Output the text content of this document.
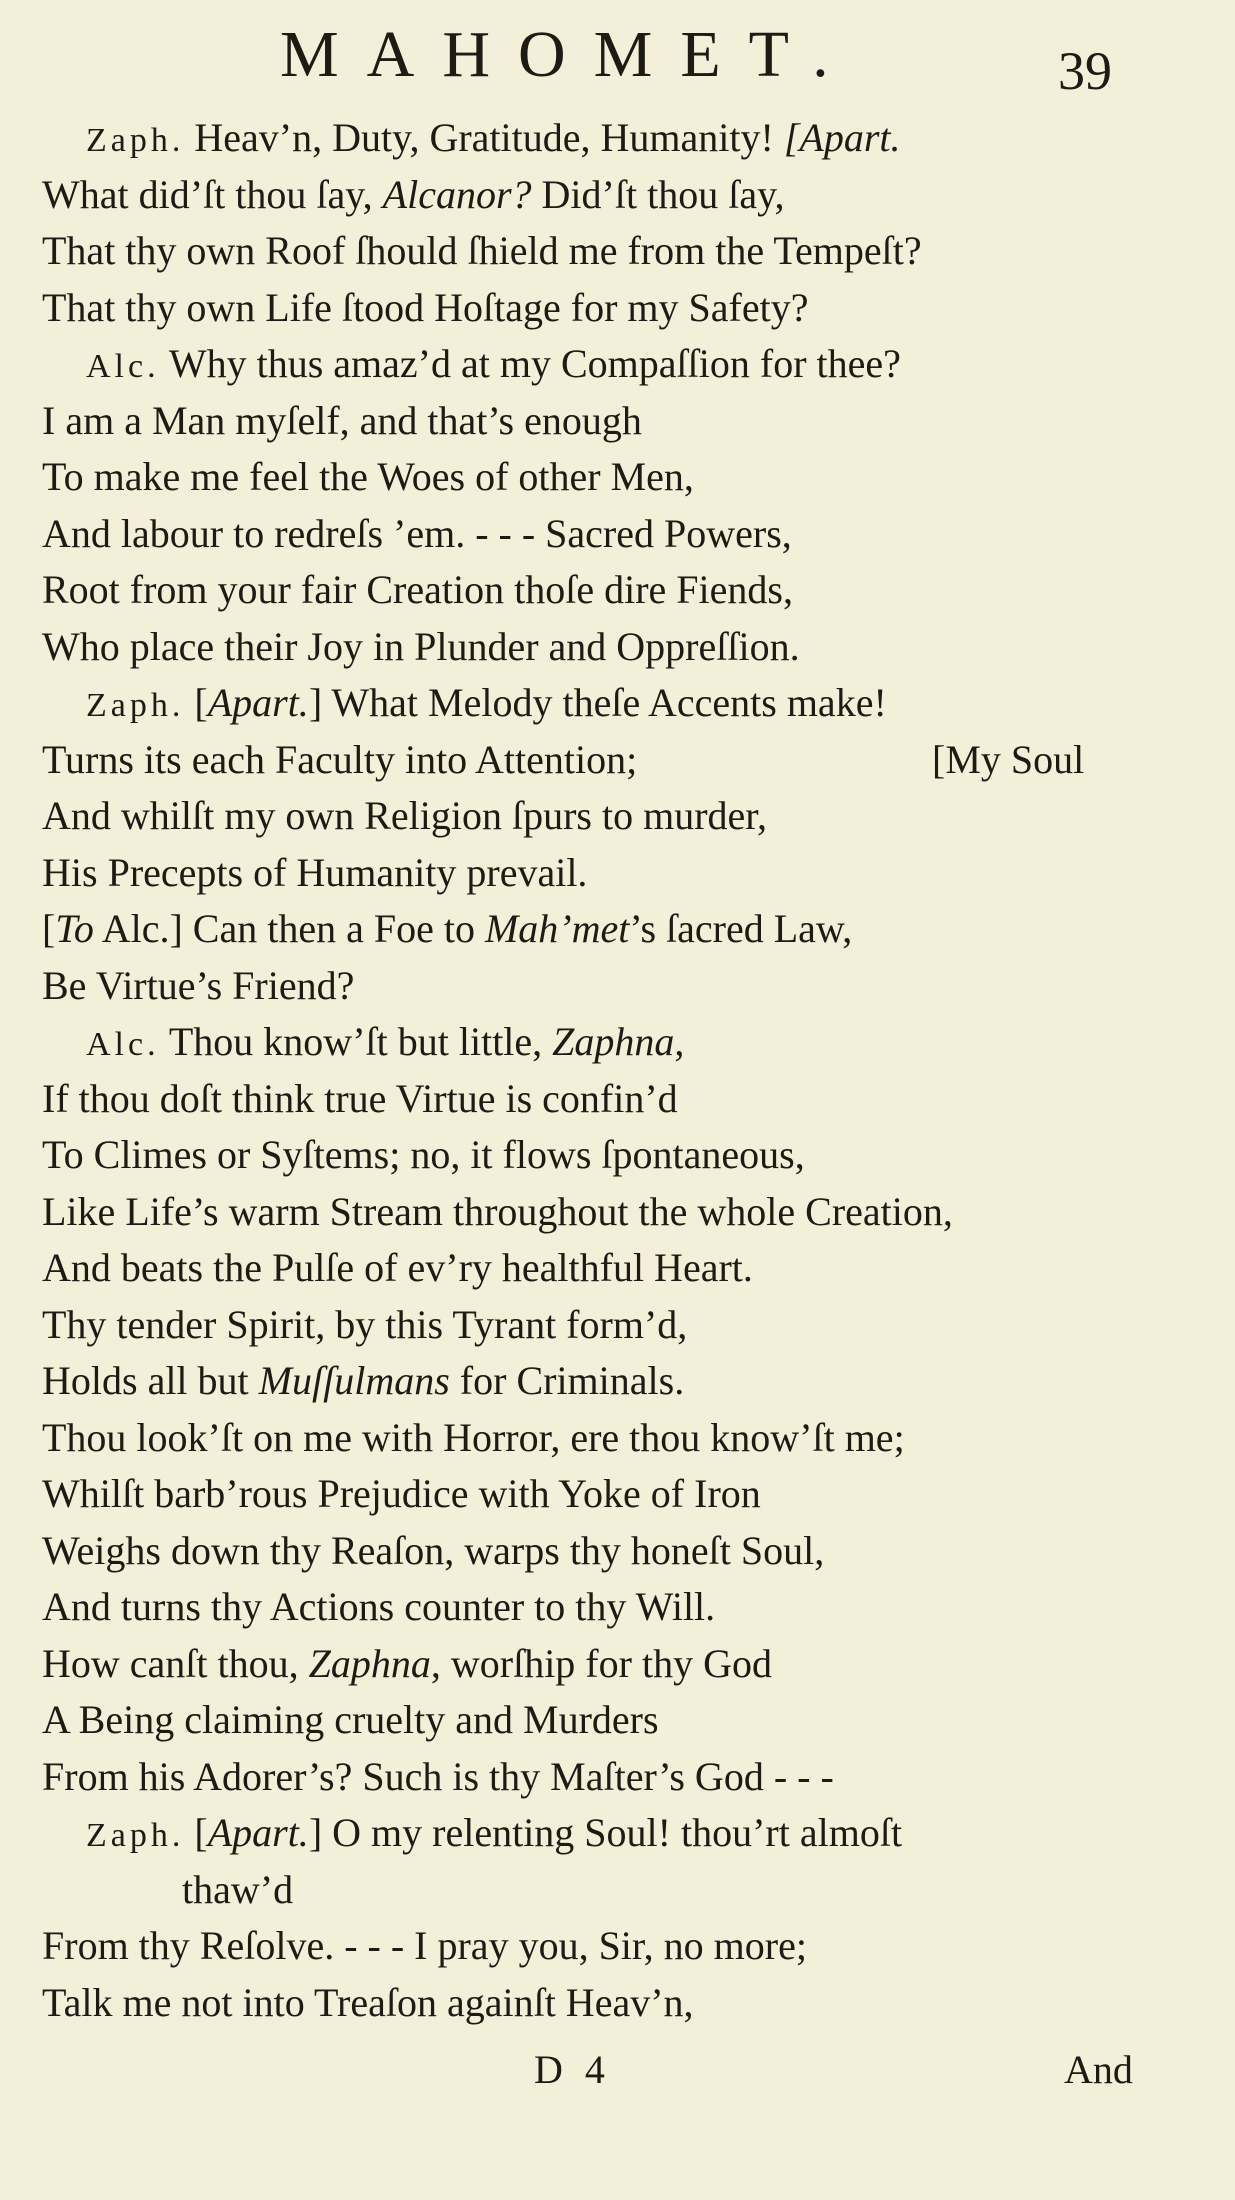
MAHOMET.	39
Zaph. Heav’n, Duty, Gratitude, Humanity! [Apart.
What did’ſt thou ſay, Alcanor? Did’ſt thou ſay,
That thy own Roof ſhould ſhield me from the Tempeſt?
That thy own Life ſtood Hoſtage for my Safety?
Alc. Why thus amaz’d at my Compaſſion for thee?
I am a Man myſelf, and that’s enough
To make me feel the Woes of other Men,
And labour to redreſs ’em. - - - Sacred Powers,
Root from your fair Creation thoſe dire Fiends,
Who place their Joy in Plunder and Oppreſſion.
Zaph. [Apart.] What Melody theſe Accents make!
Turns its each Faculty into Attention;	[My Soul
And whilſt my own Religion ſpurs to murder,
His Precepts of Humanity prevail.
[To Alc.] Can then a Foe to Mah’met’s ſacred Law,
Be Virtue’s Friend?
Alc. Thou know’ſt but little, Zaphna,
If thou doſt think true Virtue is confin’d
To Climes or Syſtems; no, it flows ſpontaneous,
Like Life’s warm Stream throughout the whole Creation,
And beats the Pulſe of ev’ry healthful Heart.
Thy tender Spirit, by this Tyrant form’d,
Holds all but Muſſulmans for Criminals.
Thou look’ſt on me with Horror, ere thou know’ſt me;
Whilſt barb’rous Prejudice with Yoke of Iron
Weighs down thy Reaſon, warps thy honeſt Soul,
And turns thy Actions counter to thy Will.
How canſt thou, Zaphna, worſhip for thy God
A Being claiming cruelty and Murders
From his Adorer’s? Such is thy Maſter’s God - - -
Zaph. [Apart.] O my relenting Soul! thou’rt almoſt
thaw’d
From thy Reſolve. - - - I pray you, Sir, no more;
Talk me not into Treaſon againſt Heav’n,
D 4	And
